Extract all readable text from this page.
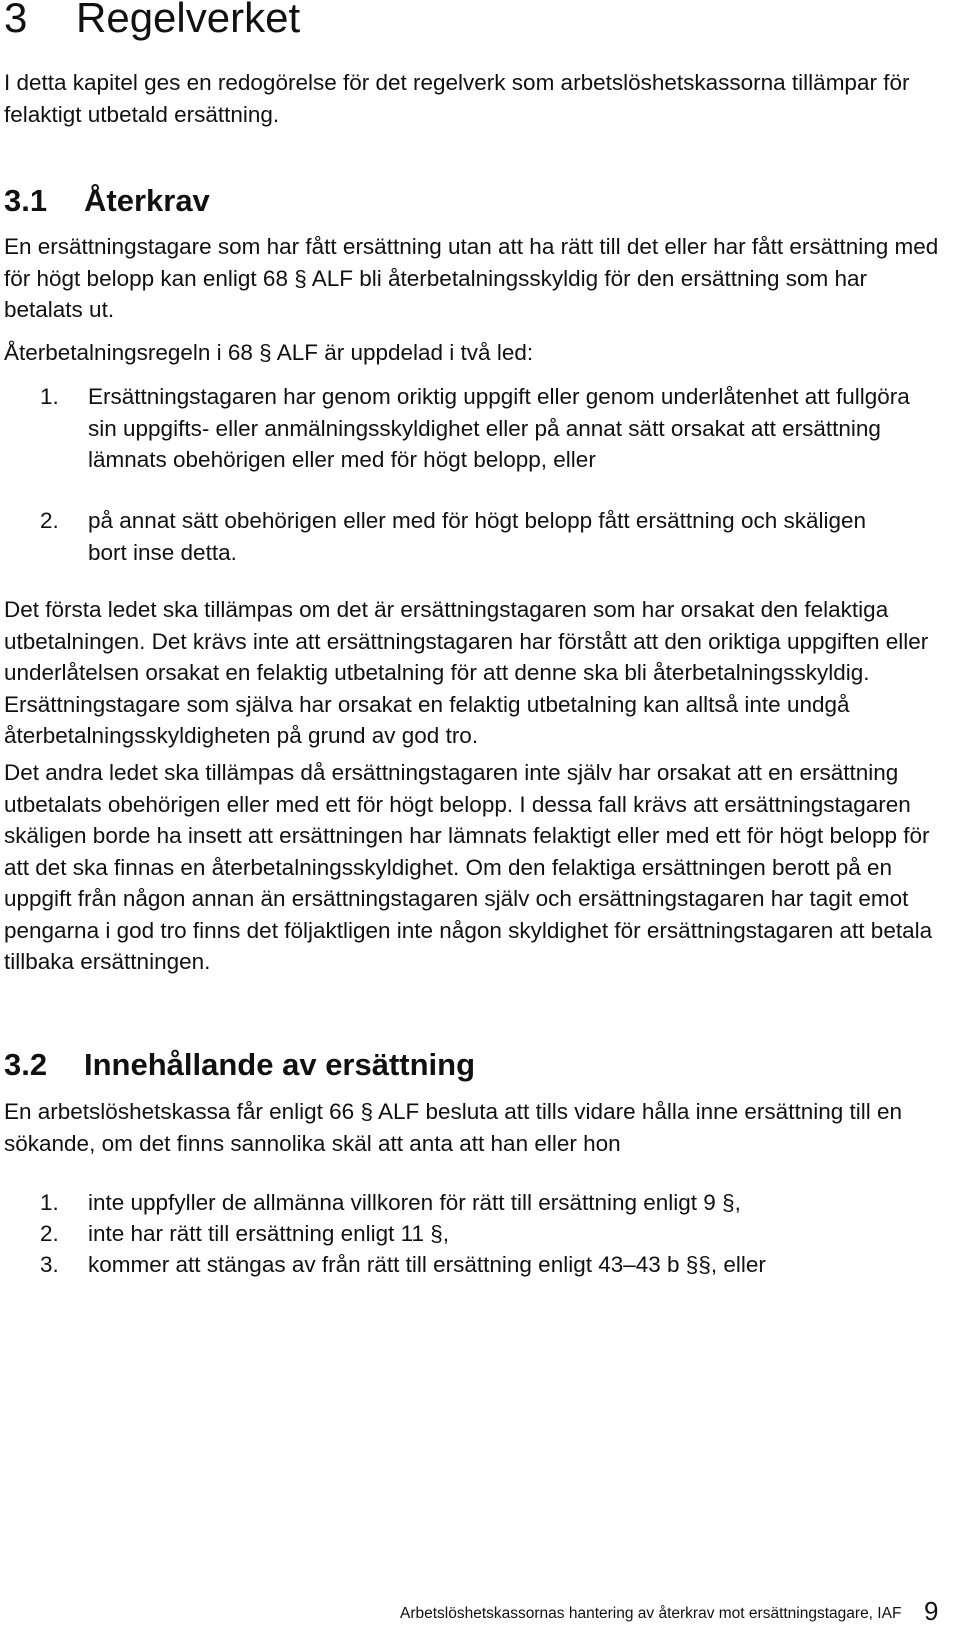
3	Regelverket

I detta kapitel ges en redogörelse för det regelverk som arbetslöshetskassorna tillämpar för felaktigt utbetald ersättning.

3.1	Återkrav

En ersättningstagare som har fått ersättning utan att ha rätt till det eller har fått ersättning med för högt belopp kan enligt 68 § ALF bli återbetalningsskyldig för den ersättning som har betalats ut.

Återbetalningsregeln i 68 § ALF är uppdelad i två led:

1.	Ersättningstagaren har genom oriktig uppgift eller genom underlåtenhet att fullgöra sin uppgifts- eller anmälningsskyldighet eller på annat sätt orsakat att ersättning lämnats obehörigen eller med för högt belopp, eller
2.	på annat sätt obehörigen eller med för högt belopp fått ersättning och skäligen bort inse detta.

Det första ledet ska tillämpas om det är ersättningstagaren som har orsakat den felaktiga utbetalningen. Det krävs inte att ersättningstagaren har förstått att den oriktiga uppgiften eller underlåtelsen orsakat en felaktig utbetalning för att denne ska bli återbetalningsskyldig. Ersättningstagare som själva har orsakat en felaktig utbetalning kan alltså inte undgå återbetalningsskyldigheten på grund av god tro.

Det andra ledet ska tillämpas då ersättningstagaren inte själv har orsakat att en ersättning utbetalats obehörigen eller med ett för högt belopp. I dessa fall krävs att ersättningstagaren skäligen borde ha insett att ersättningen har lämnats felaktigt eller med ett för högt belopp för att det ska finnas en återbetalningsskyldighet. Om den felaktiga ersättningen berott på en uppgift från någon annan än ersättningstagaren själv och ersättningstagaren har tagit emot pengarna i god tro finns det följaktligen inte någon skyldighet för ersättningstagaren att betala tillbaka ersättningen.

3.2	Innehållande av ersättning

En arbetslöshetskassa får enligt 66 § ALF besluta att tills vidare hålla inne ersättning till en sökande, om det finns sannolika skäl att anta att han eller hon

1.	inte uppfyller de allmänna villkoren för rätt till ersättning enligt 9 §,
2.	inte har rätt till ersättning enligt 11 §,
3.	kommer att stängas av från rätt till ersättning enligt 43–43 b §§, eller
Arbetslöshetskassornas hantering av återkrav mot ersättningstagare, IAF 9
